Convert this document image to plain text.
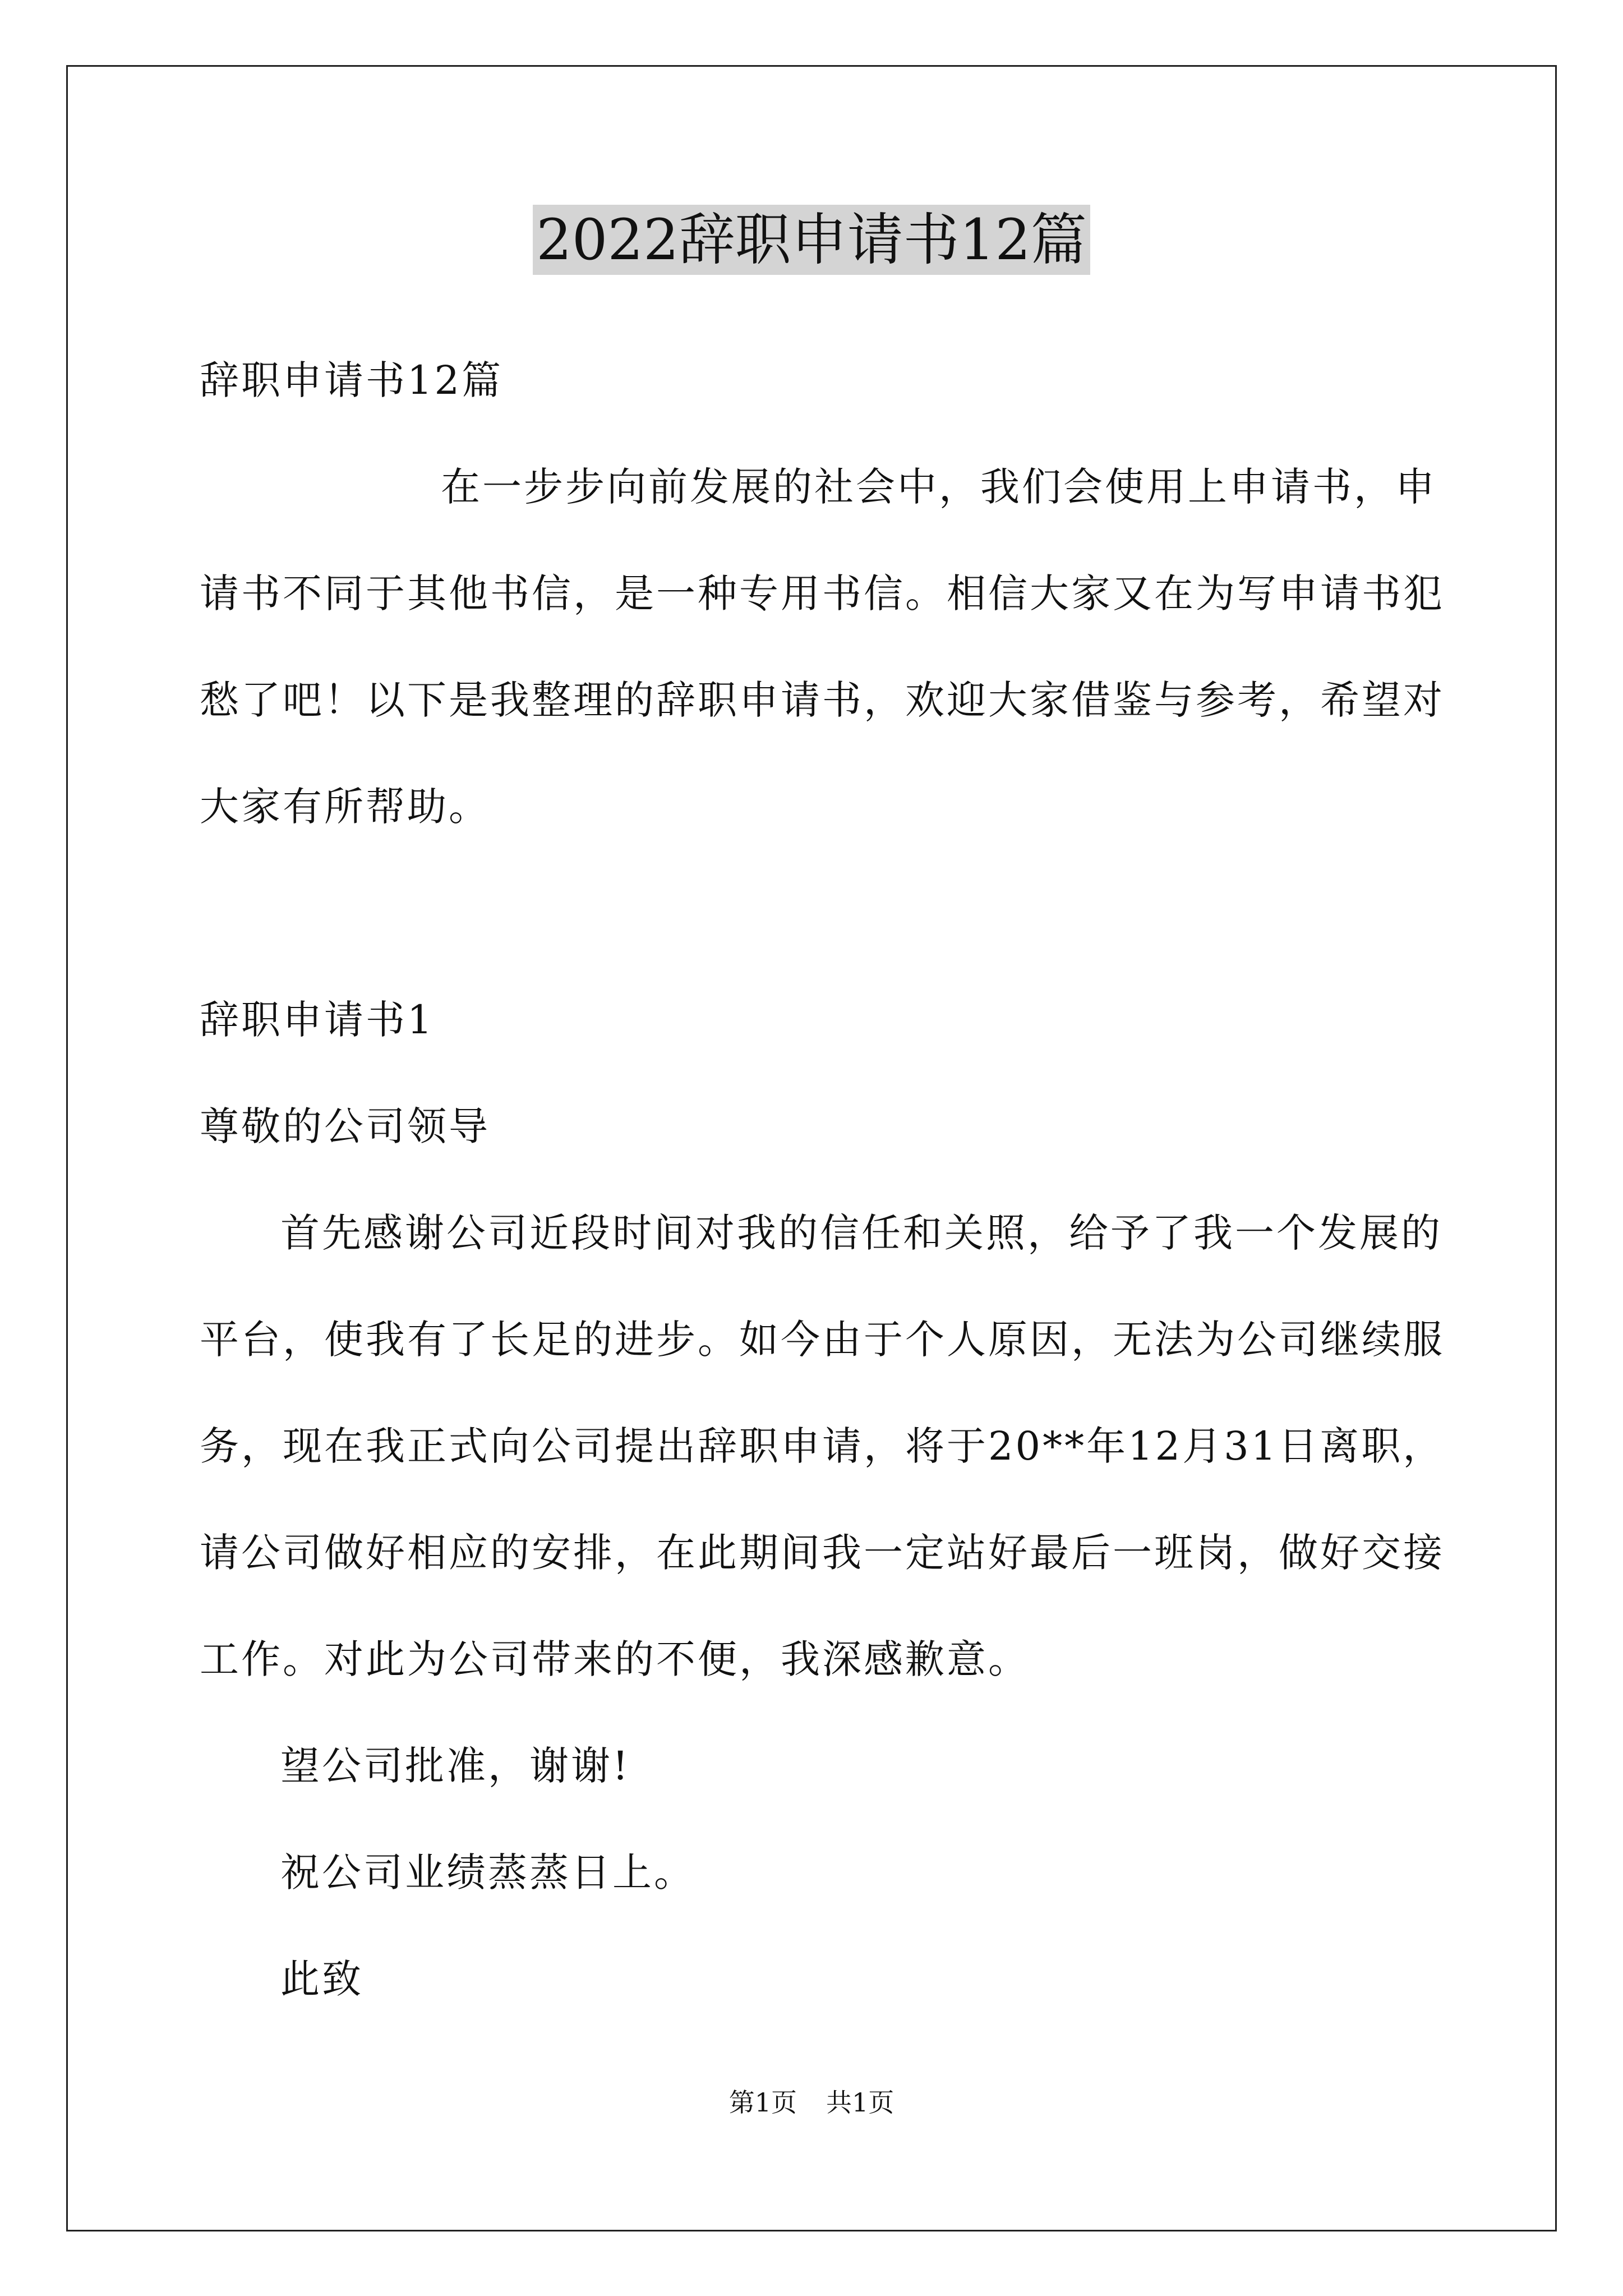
2022辞职申请书12篇
辞职申请书12篇
在一步步向前发展的社会中，我们会使用上申请书，申
请书不同于其他书信，是一种专用书信。相信大家又在为写申请书犯
愁了吧！以下是我整理的辞职申请书，欢迎大家借鉴与参考，希望对
大家有所帮助。
辞职申请书1
尊敬的公司领导
首先感谢公司近段时间对我的信任和关照，给予了我一个发展的
平台，使我有了长足的进步。如今由于个人原因，无法为公司继续服
务，现在我正式向公司提出辞职申请，将于20**年12月31日离职，
请公司做好相应的安排，在此期间我一定站好最后一班岗，做好交接
工作。对此为公司带来的不便，我深感歉意。
望公司批准，谢谢!
祝公司业绩蒸蒸日上。
此致
第1页 共1页
